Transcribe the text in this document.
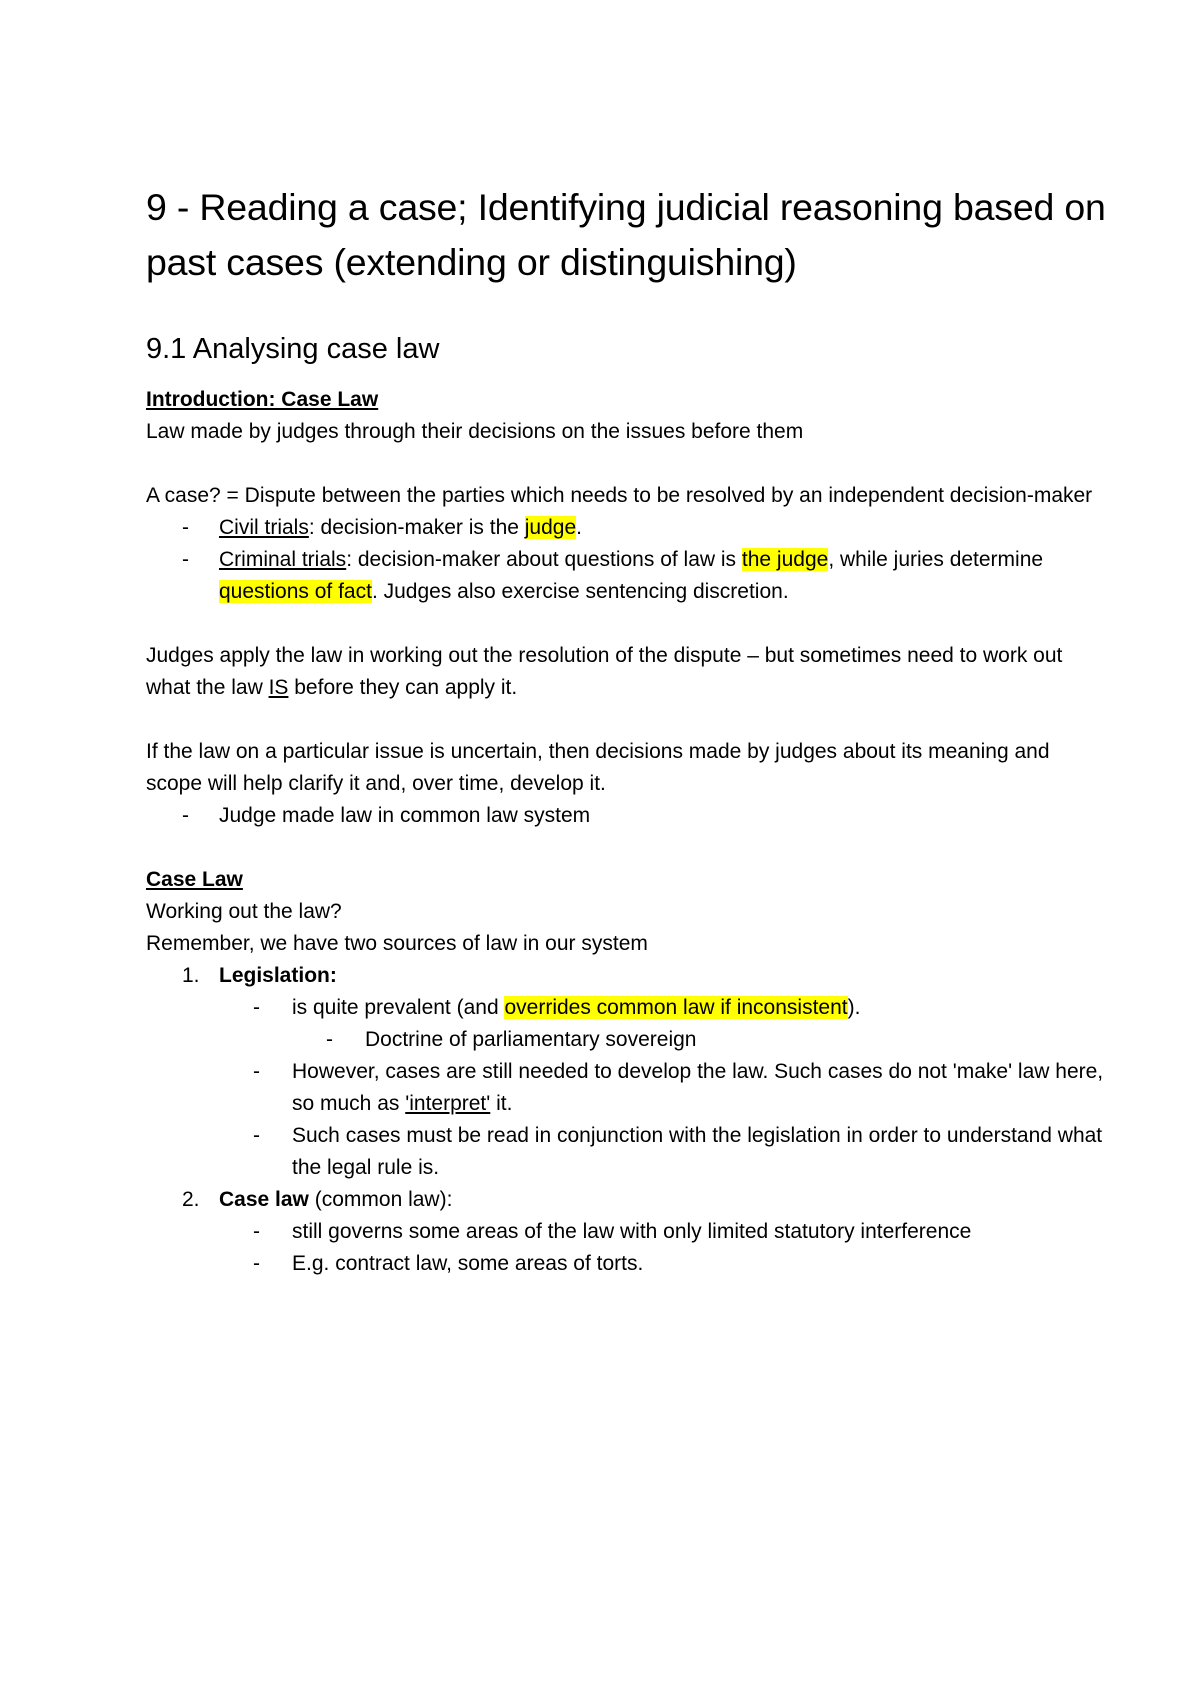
9 - Reading a case; Identifying judicial reasoning based on past cases (extending or distinguishing)
9.1 Analysing case law

Introduction: Case Law

Law made by judges through their decisions on the issues before them

A case? = Dispute between the parties which needs to be resolved by an independent decision-maker

- Civil trials: decision-maker is the judge.
- Criminal trials: decision-maker about questions of law is the judge, while juries determine questions of fact. Judges also exercise sentencing discretion.

Judges apply the law in working out the resolution of the dispute – but sometimes need to work out what the law IS before they can apply it.

If the law on a particular issue is uncertain, then decisions made by judges about its meaning and scope will help clarify it and, over time, develop it.

- Judge made law in common law system

Case Law

Working out the law?

Remember, we have two sources of law in our system

1. Legislation:
- is quite prevalent (and overrides common law if inconsistent).
- Doctrine of parliamentary sovereign
- However, cases are still needed to develop the law. Such cases do not 'make' law here, so much as 'interpret' it.
- Such cases must be read in conjunction with the legislation in order to understand what the legal rule is.
2. Case law (common law):
- still governs some areas of the law with only limited statutory interference
- E.g. contract law, some areas of torts.
